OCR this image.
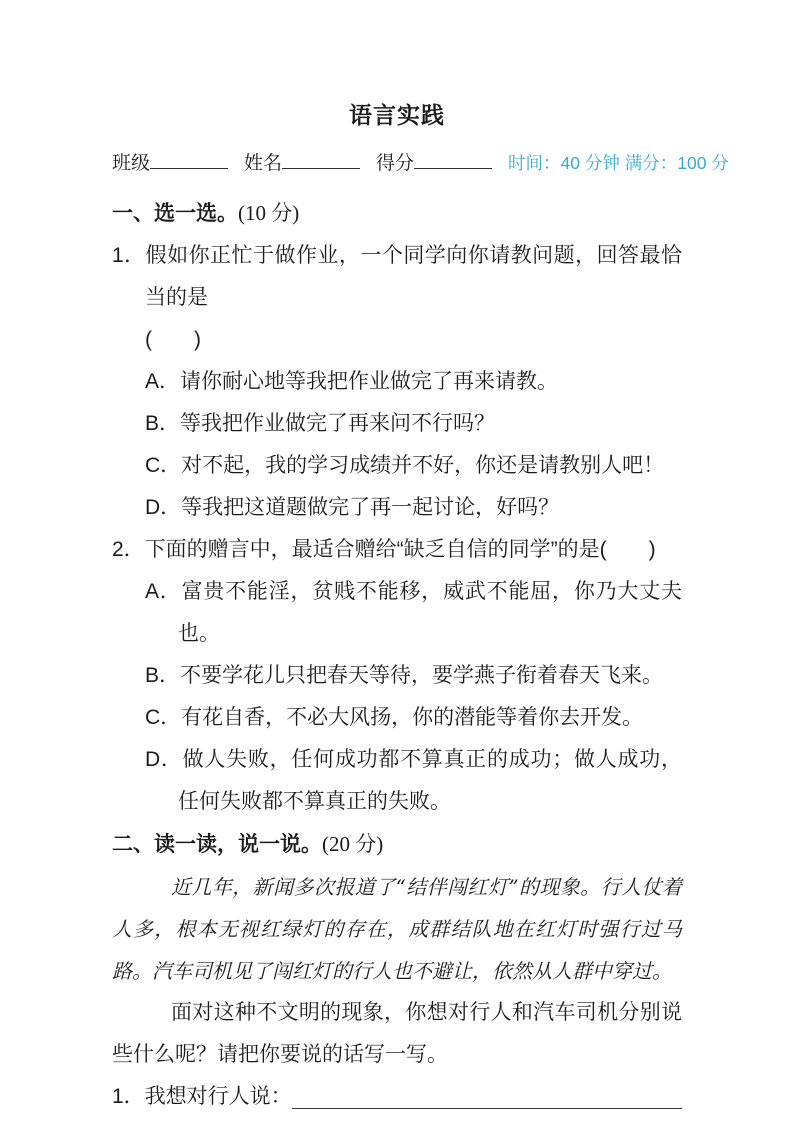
语言实践
班级	姓名	得分	时间：40 分钟 满分：100 分
一、选一选。(10 分)
1．假如你正忙于做作业，一个同学向你请教问题，回答最恰当的是
(　　)
A．请你耐心地等我把作业做完了再来请教。
B．等我把作业做完了再来问不行吗？
C．对不起，我的学习成绩并不好，你还是请教别人吧！
D．等我把这道题做完了再一起讨论，好吗？
2．下面的赠言中，最适合赠给“缺乏自信的同学”的是(　　)
A．富贵不能淫，贫贱不能移，威武不能屈，你乃大丈夫也。
B．不要学花儿只把春天等待，要学燕子衔着春天飞来。
C．有花自香，不必大风扬，你的潜能等着你去开发。
D．做人失败，任何成功都不算真正的成功；做人成功，任何失败都不算真正的失败。
二、读一读，说一说。(20 分)
近几年，新闻多次报道了“结伴闯红灯”的现象。行人仗着人多，根本无视红绿灯的存在，成群结队地在红灯时强行过马路。汽车司机见了闯红灯的行人也不避让，依然从人群中穿过。
面对这种不文明的现象，你想对行人和汽车司机分别说些什么呢？请把你要说的话写一写。
1．我想对行人说：
